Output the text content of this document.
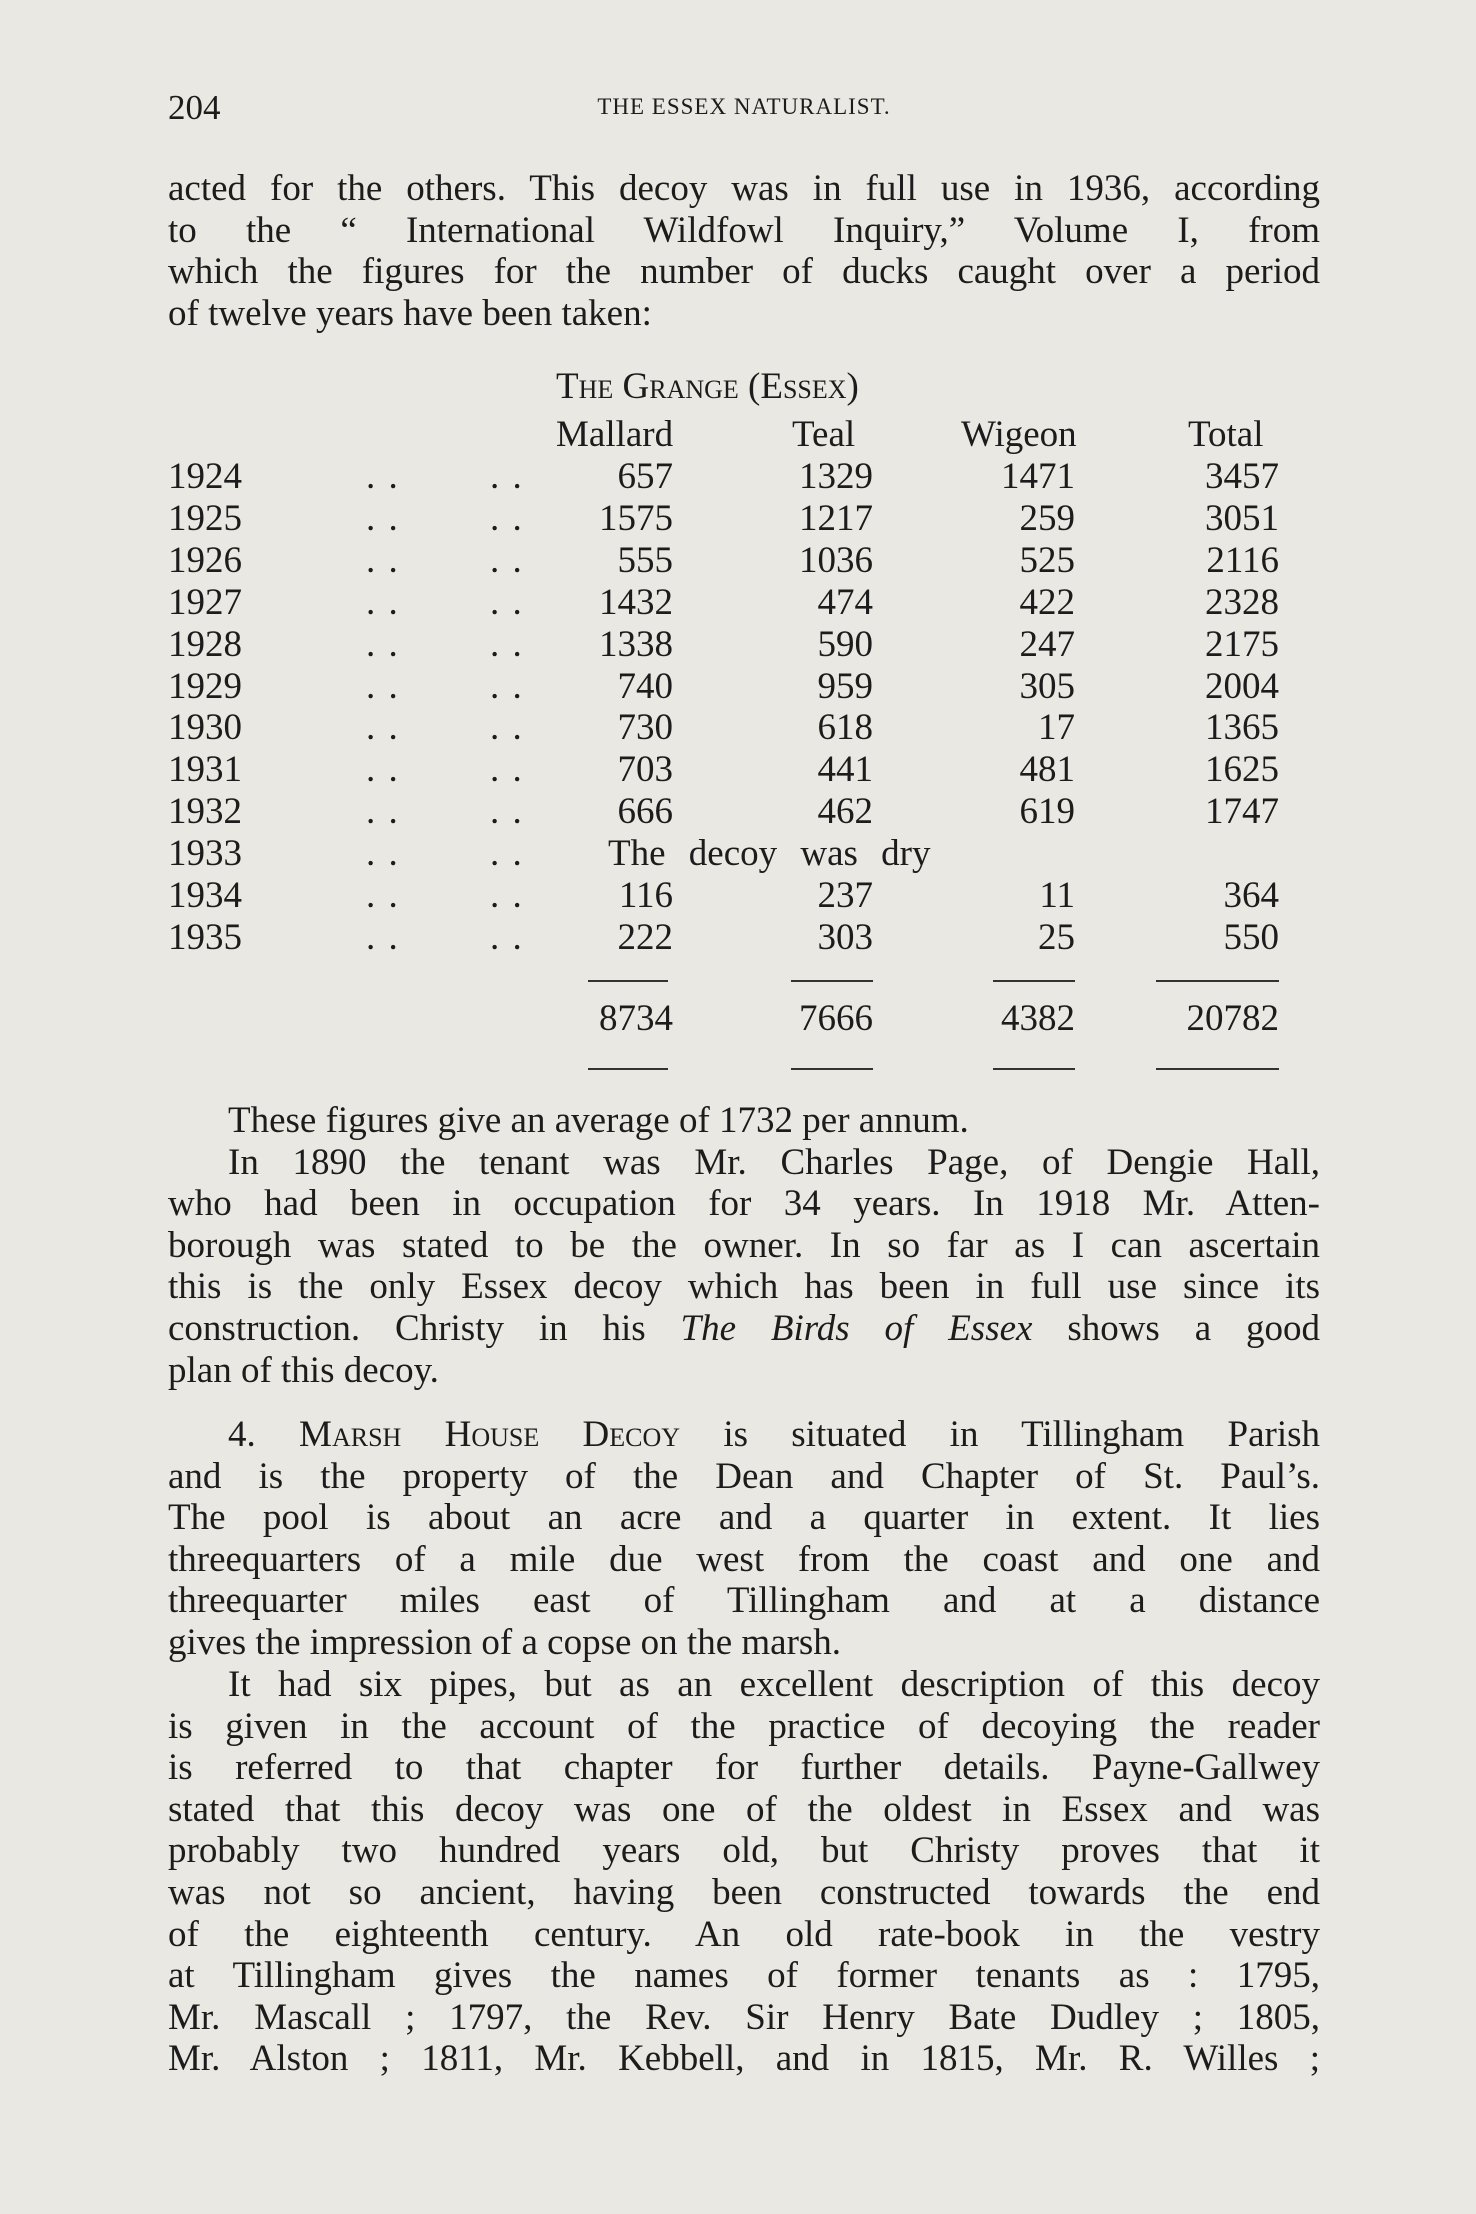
204	THE ESSEX NATURALIST.
acted for the others. This decoy was in full use in 1936, according
to the “ International Wildfowl Inquiry,” Volume I, from
which the figures for the number of ducks caught over a period
of twelve years have been taken:
The Grange (Essex)
Mallard	Teal	Wigeon	Total
1924	. . . .	657	1329	1471	3457
1925	. . . . 1575	1217	259	3051
1926	. . . .	555	1036	525	2116
1927	. . . . 1432	474	422	2328
1928	. . . . 1338	590	247	2175
1929	. . . .	740	959	305	2004
1930	. . . .	730	618	17	1365
1931	. . . .	703	441	481	1625
1932	. . . .	666	462	619	1747
1933	. . . . The decoy was dry
1934	. . . .	116	237	11	364
1935	. . . .	222	303	25	550
8734	7666	4382	20782
These figures give an average of 1732 per annum.
In 1890 the tenant was Mr. Charles Page, of Dengie Hall,
who had been in occupation for 34 years. In 1918 Mr. Atten-
borough was stated to be the owner. In so far as I can ascertain
this is the only Essex decoy which has been in full use since its
construction. Christy in his The Birds of Essex shows a good
plan of this decoy.
4. Marsh House Decoy is situated in Tillingham Parish
and is the property of the Dean and Chapter of St. Paul’s.
The pool is about an acre and a quarter in extent. It lies
threequarters of a mile due west from the coast and one and
threequarter miles east of Tillingham and at a distance
gives the impression of a copse on the marsh.
It had six pipes, but as an excellent description of this decoy
is given in the account of the practice of decoying the reader
is referred to that chapter for further details. Payne-Gallwey
stated that this decoy was one of the oldest in Essex and was
probably two hundred years old, but Christy proves that it
was not so ancient, having been constructed towards the end
of the eighteenth century. An old rate-book in the vestry
at Tillingham gives the names of former tenants as : 1795,
Mr. Mascall ; 1797, the Rev. Sir Henry Bate Dudley ; 1805,
Mr. Alston ; 1811, Mr. Kebbell, and in 1815, Mr. R. Willes ;
